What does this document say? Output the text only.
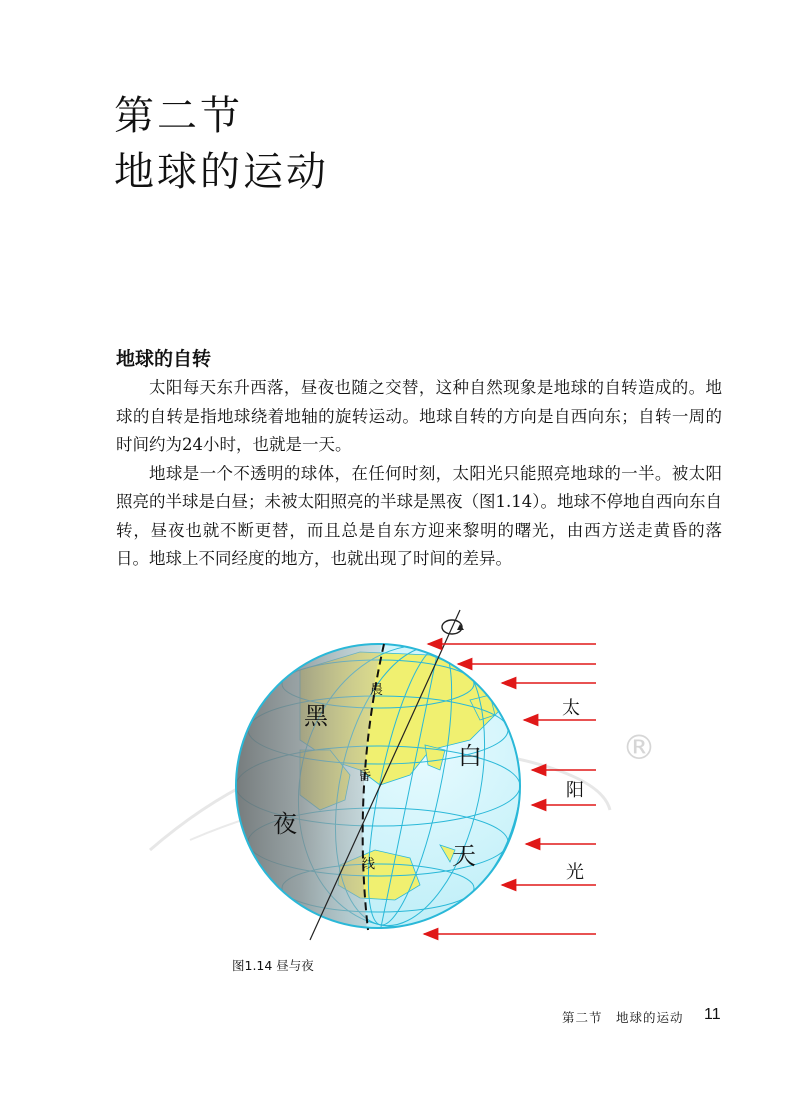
第二节
地球的运动
地球的自转

太阳每天东升西落，昼夜也随之交替，这种自然现象是地球的自转造成的。地球的自转是指地球绕着地轴的旋转运动。地球自转的方向是自西向东；自转一周的时间约为24小时，也就是一天。

地球是一个不透明的球体，在任何时刻，太阳光只能照亮地球的一半。被太阳照亮的半球是白昼；未被太阳照亮的半球是黑夜（图1.14）。地球不停地自西向东自转，昼夜也就不断更替，而且总是自东方迎来黎明的曙光，由西方送走黄昏的落日。地球上不同经度的地方，也就出现了时间的差异。

黑
夜
白
天
晨
昏
线
太
阳
光
®
图1.14 昼与夜
第二节　地球的运动 11
